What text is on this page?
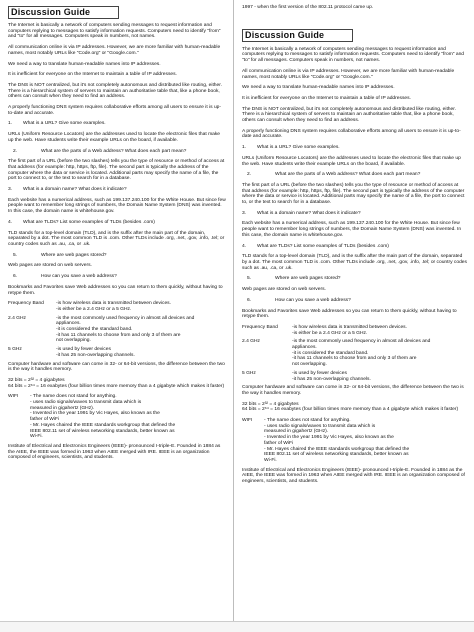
Discussion Guide

The Internet is basically a network of computers sending messages to request information and computers replying to messages to satisfy information requests. Computers need to identify "from" and "to" for all messages. Computers speak in numbers, not names.

All communication online is via IP addresses. However, we are more familiar with human-readable names, most notably URLs like "Code.org" or "Google.com."

We need a way to translate human-readable names into IP addresses.

It is inefficient for everyone on the Internet to maintain a table of IP addresses.

The DNS is NOT centralized, but it's not completely autonomous and distributed like routing, either. There is a hierarchical system of servers to maintain an authoritative table that, like a phone book, others can consult when they need to find an address.

A properly functioning DNS system requires collaborative efforts among all users to ensure it is up-to-date and accurate.

1. What is a URL? Give some examples.

URLs (Uniform Resource Locators) are the addresses used to locate the electronic files that make up the web. Have students write their example URLs on the board, if available.

2.	What are the parts of a Web address? What does each part mean?

The first part of a URL (before the two slashes) tells you the type of resource or method of access at that address (for example: http, https, ftp, file). The second part is typically the address of the computer where the data or service is located. Additional parts may specify the name of a file, the port to connect to, or the text to search for in a database.

3. What is a domain name? What does it indicate?

Each website has a numerical address, such as 199.137.240.100 for the White House. But since few people want to remember long strings of numbers, the Domain Name System (DNS) was invented. In this case, the domain name is whitehouse.gov.

4. What are TLDs? List some examples of TLDs (besides .com)

TLD stands for a top-level domain (TLD), and is the suffix after the main part of the domain, separated by a dot. The most common TLD is .com. Other TLDs include .org, .net, .gov, .info, .tel; or country codes such as .au, .ca, or .uk.

5.	Where are web pages stored?

Web pages are stored on web servers.

6.	How can you save a web address?

Bookmarks and Favorites save Web addresses so you can return to them quickly, without having to retype them.

Frequency Band	-is how wireless data is transmitted between devices.
-is either be a 2.4 GHz or a 5 GHz.
2.4 GHz	-is the most commonly used frequency in almost all devices and
appliances.
-it is considered the standard band.
-it has 11 channels to choose from and only 3 of them are
not overlapping.
5 GHz	-is used by fewer devices
-it has 25 non-overlapping channels.

Computer hardware and software can come in 32- or 64-bit versions, the difference between the two is the way it handles memory.

32 bits = 2³² = 4 gigabytes

64 bits = 2⁶⁴ = 16 exabytes (four billion times more memory than a 4 gigabyte which makes it faster)

WIFI	- The name does not stand for anything.
- uses radio signals/waves to transmit data which is
measured in gigahertz (GHz).
- Invented in the year 1991 by Vic Hayes, also known as the
father of WiFi
- Mr. Hayes chaired the IEEE standards workgroup that defined the
IEEE 802.11 set of wireless networking standards, better known as
Wi-Fi.

Institute of Electrical and Electronics Engineers (IEEE)- pronounced I-triple-E. Founded in 1884 as the AIEE, the IEEE was formed in 1963 when AIEE merged with IRE. IEEE is an organization composed of engineers, scientists, and students.

1997 - when the first version of the 802.11 protocol came up.
Discussion Guide

The Internet is basically a network of computers sending messages to request information and computers replying to messages to satisfy information requests. Computers need to identify "from" and "to" for all messages. Computers speak in numbers, not names.

All communication online is via IP addresses. However, we are more familiar with human-readable names, most notably URLs like "Code.org" or "Google.com."

We need a way to translate human-readable names into IP addresses.

It is inefficient for everyone on the Internet to maintain a table of IP addresses.

The DNS is NOT centralized, but it's not completely autonomous and distributed like routing, either. There is a hierarchical system of servers to maintain an authoritative table that, like a phone book, others can consult when they need to find an address.

A properly functioning DNS system requires collaborative efforts among all users to ensure it is up-to-date and accurate.

1. What is a URL? Give some examples.

URLs (Uniform Resource Locators) are the addresses used to locate the electronic files that make up the web. Have students write their example URLs on the board, if available.

2.	What are the parts of a Web address? What does each part mean?

The first part of a URL (before the two slashes) tells you the type of resource or method of access at that address (for example: http, https, ftp, file). The second part is typically the address of the computer where the data or service is located. Additional parts may specify the name of a file, the port to connect to, or the text to search for in a database.

3. What is a domain name? What does it indicate?

Each website has a numerical address, such as 199.137.240.100 for the White House. But since few people want to remember long strings of numbers, the Domain Name System (DNS) was invented. In this case, the domain name is whitehouse.gov.

4. What are TLDs? List some examples of TLDs (besides .com)

TLD stands for a top-level domain (TLD), and is the suffix after the main part of the domain, separated by a dot. The most common TLD is .com. Other TLDs include .org, .net, .gov, .info, .tel; or country codes such as .au, .ca, or .uk.

5.	Where are web pages stored?

Web pages are stored on web servers.

6.	How can you save a web address?

Bookmarks and Favorites save Web addresses so you can return to them quickly, without having to retype them.

Frequency Band	-is how wireless data is transmitted between devices.
-is either be a 2.4 GHz or a 5 GHz.
2.4 GHz	-is the most commonly used frequency in almost all devices and
appliances.
-it is considered the standard band.
-it has 11 channels to choose from and only 3 of them are
not overlapping.
5 GHz	-is used by fewer devices
-it has 25 non-overlapping channels.

Computer hardware and software can come in 32- or 64-bit versions, the difference between the two is the way it handles memory.

32 bits = 2³² = 4 gigabytes

64 bits = 2⁶⁴ = 16 exabytes (four billion times more memory than a 4 gigabyte which makes it faster)

WIFI	- The name does not stand for anything.
- uses radio signals/waves to transmit data which is
measured in gigahertz (GHz).
- Invented in the year 1991 by Vic Hayes, also known as the
father of WiFi
- Mr. Hayes chaired the IEEE standards workgroup that defined the
IEEE 802.11 set of wireless networking standards, better known as
Wi-Fi.

Institute of Electrical and Electronics Engineers (IEEE)- pronounced I-triple-E. Founded in 1884 as the AIEE, the IEEE was formed in 1963 when AIEE merged with IRE. IEEE is an organization composed of engineers, scientists, and students.
